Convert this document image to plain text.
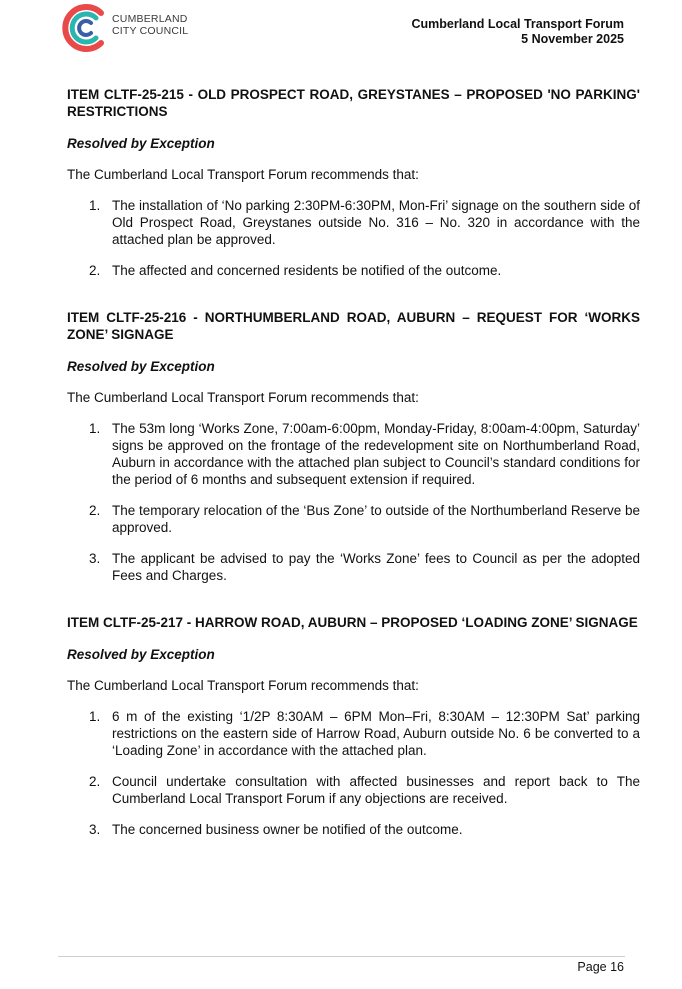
CUMBERLAND
CITY COUNCIL	Cumberland Local Transport Forum
5 November 2025

ITEM CLTF-25-215 - OLD PROSPECT ROAD, GREYSTANES – PROPOSED 'NO PARKING' RESTRICTIONS

Resolved by Exception

The Cumberland Local Transport Forum recommends that:

1. The installation of ‘No parking 2:30PM-6:30PM, Mon-Fri’ signage on the southern side of Old Prospect Road, Greystanes outside No. 316 – No. 320 in accordance with the attached plan be approved.
2. The affected and concerned residents be notified of the outcome.

ITEM CLTF-25-216 - NORTHUMBERLAND ROAD, AUBURN – REQUEST FOR ‘WORKS ZONE’ SIGNAGE

Resolved by Exception

The Cumberland Local Transport Forum recommends that:

1. The 53m long ‘Works Zone, 7:00am-6:00pm, Monday-Friday, 8:00am-4:00pm, Saturday’ signs be approved on the frontage of the redevelopment site on Northumberland Road, Auburn in accordance with the attached plan subject to Council’s standard conditions for the period of 6 months and subsequent extension if required.
2. The temporary relocation of the ‘Bus Zone’ to outside of the Northumberland Reserve be approved.
3. The applicant be advised to pay the ‘Works Zone’ fees to Council as per the adopted Fees and Charges.

ITEM CLTF-25-217 - HARROW ROAD, AUBURN – PROPOSED ‘LOADING ZONE’ SIGNAGE

Resolved by Exception

The Cumberland Local Transport Forum recommends that:

1. 6 m of the existing ‘1/2P 8:30AM – 6PM Mon–Fri, 8:30AM – 12:30PM Sat’ parking restrictions on the eastern side of Harrow Road, Auburn outside No. 6 be converted to a ‘Loading Zone’ in accordance with the attached plan.
2. Council undertake consultation with affected businesses and report back to The Cumberland Local Transport Forum if any objections are received.
3. The concerned business owner be notified of the outcome.
Page 16
